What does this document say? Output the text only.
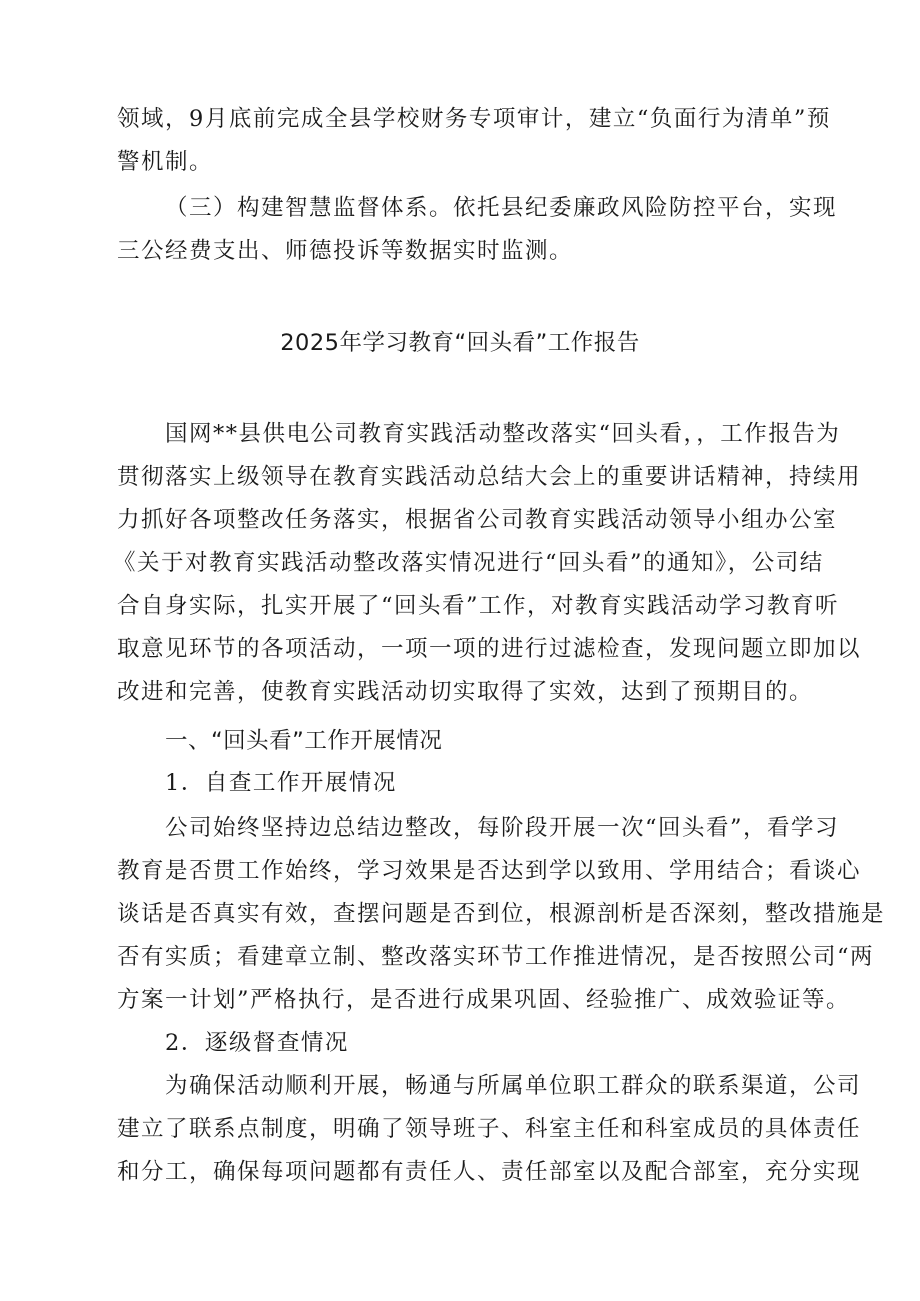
领域，9月底前完成全县学校财务专项审计，建立“负面行为清单”预
警机制。
（三）构建智慧监督体系。依托县纪委廉政风险防控平台，实现
三公经费支出、师德投诉等数据实时监测。
2025年学习教育“回头看”工作报告
国网**县供电公司教育实践活动整改落实“回头看，，工作报告为
贯彻落实上级领导在教育实践活动总结大会上的重要讲话精神，持续用
力抓好各项整改任务落实，根据省公司教育实践活动领导小组办公室
《关于对教育实践活动整改落实情况进行“回头看”的通知》，公司结
合自身实际，扎实开展了“回头看”工作，对教育实践活动学习教育听
取意见环节的各项活动，一项一项的进行过滤检查，发现问题立即加以
改进和完善，使教育实践活动切实取得了实效，达到了预期目的。
一、“回头看”工作开展情况
1．自查工作开展情况
公司始终坚持边总结边整改，每阶段开展一次“回头看”，看学习
教育是否贯工作始终，学习效果是否达到学以致用、学用结合；看谈心
谈话是否真实有效，查摆问题是否到位，根源剖析是否深刻，整改措施是
否有实质；看建章立制、整改落实环节工作推进情况，是否按照公司“两
方案一计划”严格执行，是否进行成果巩固、经验推广、成效验证等。
2．逐级督查情况
为确保活动顺利开展，畅通与所属单位职工群众的联系渠道，公司
建立了联系点制度，明确了领导班子、科室主任和科室成员的具体责任
和分工，确保每项问题都有责任人、责任部室以及配合部室，充分实现
